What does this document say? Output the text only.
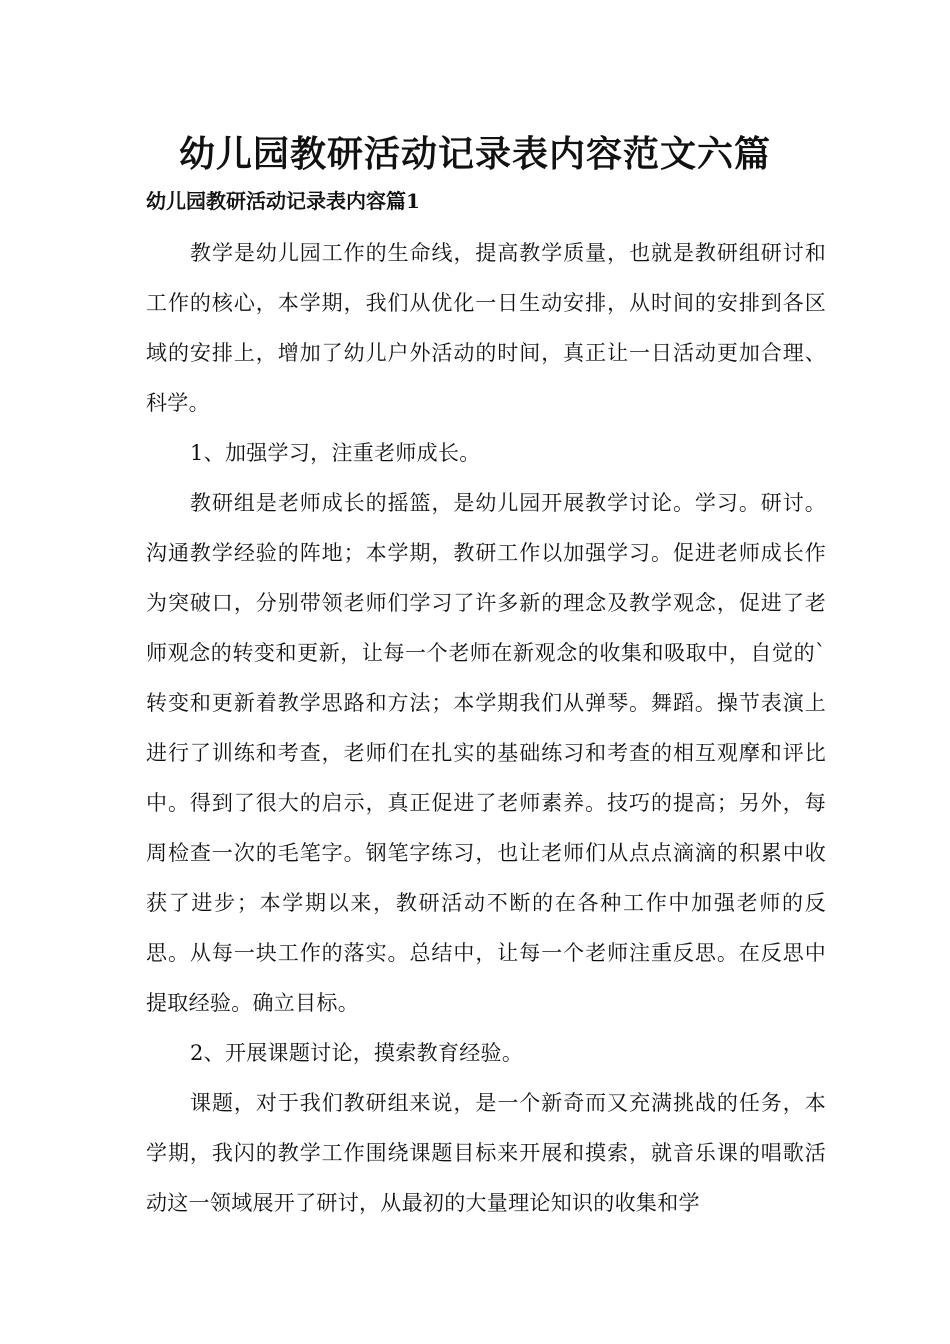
幼儿园教研活动记录表内容范文六篇
幼儿园教研活动记录表内容篇1

教学是幼儿园工作的生命线，提高教学质量，也就是教研组研讨和工作的核心，本学期，我们从优化一日生动安排，从时间的安排到各区域的安排上，增加了幼儿户外活动的时间，真正让一日活动更加合理、科学。

1、加强学习，注重老师成长。

教研组是老师成长的摇篮，是幼儿园开展教学讨论。学习。研讨。沟通教学经验的阵地；本学期，教研工作以加强学习。促进老师成长作为突破口，分别带领老师们学习了许多新的理念及教学观念，促进了老师观念的转变和更新，让每一个老师在新观念的收集和吸取中，自觉的`转变和更新着教学思路和方法；本学期我们从弹琴。舞蹈。操节表演上进行了训练和考查，老师们在扎实的基础练习和考查的相互观摩和评比中。得到了很大的启示，真正促进了老师素养。技巧的提高；另外，每周检查一次的毛笔字。钢笔字练习，也让老师们从点点滴滴的积累中收获了进步；本学期以来，教研活动不断的在各种工作中加强老师的反思。从每一块工作的落实。总结中，让每一个老师注重反思。在反思中提取经验。确立目标。

2、开展课题讨论，摸索教育经验。

课题，对于我们教研组来说，是一个新奇而又充满挑战的任务，本学期，我闪的教学工作围绕课题目标来开展和摸索，就音乐课的唱歌活动这一领域展开了研讨，从最初的大量理论知识的收集和学
